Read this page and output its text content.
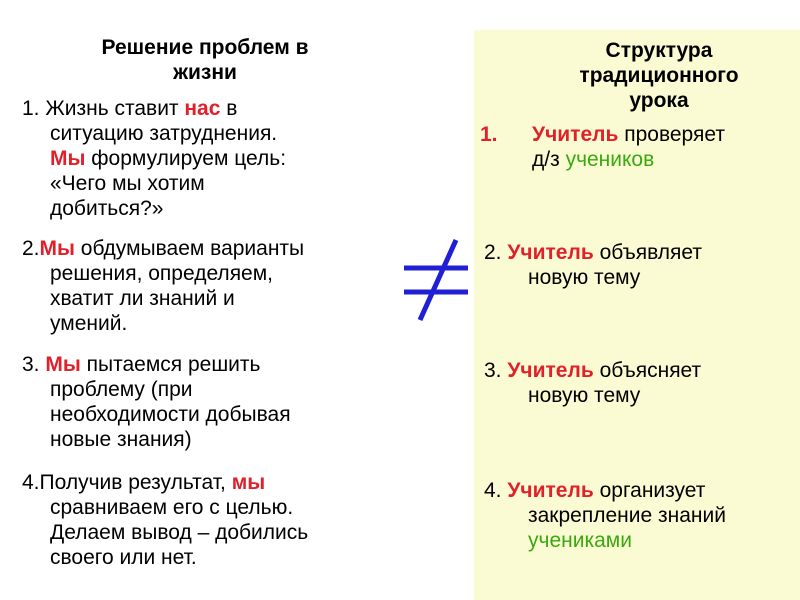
Решение проблем в
жизни
1. Жизнь ставит нас в
ситуацию затруднения.
Мы формулируем цель:
«Чего мы хотим
добиться?»
2.Мы обдумываем варианты
решения, определяем,
хватит ли знаний и
умений.
3. Мы пытаемся решить
проблему (при
необходимости добывая
новые знания)
4.Получив результат, мы
сравниваем его с целью.
Делаем вывод – добились
своего или нет.
Структура
традиционного
урока
1. Учитель проверяет
д/з учеников
2. Учитель объявляет
новую тему
3. Учитель объясняет
новую тему
4. Учитель организует
закрепление знаний
учениками
